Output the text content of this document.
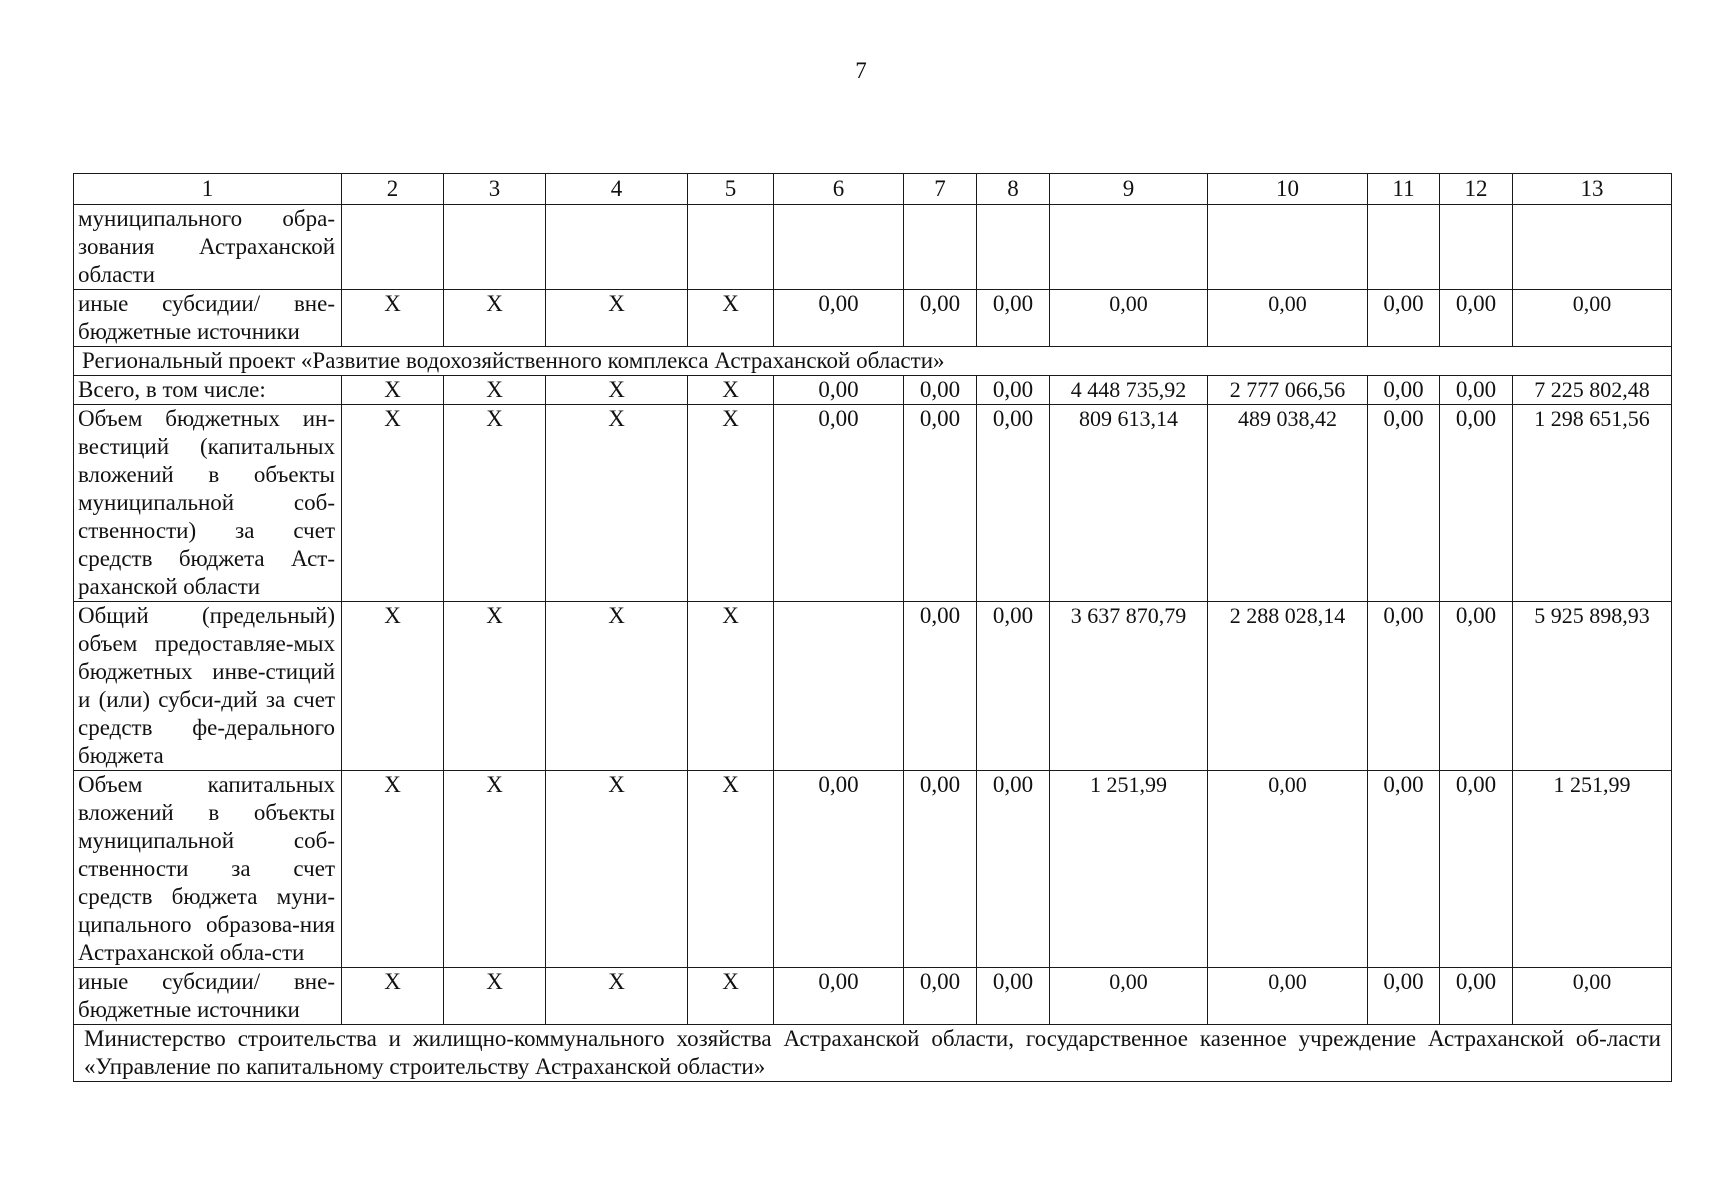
7
1	2	3	4	5	6	7	8	9	10	11	12	13
муниципального обра-зования Астраханской области												
иные субсидии/ вне-бюджетные источники	X	X	X	X	0,00	0,00	0,00	0,00	0,00	0,00	0,00	0,00
Региональный проект «Развитие водохозяйственного комплекса Астраханской области»												
Всего, в том числе:	X	X	X	X	0,00	0,00	0,00	4 448 735,92	2 777 066,56	0,00	0,00	7 225 802,48
Объем бюджетных ин-вестиций (капитальных вложений в объекты муниципальной соб-ственности) за счет средств бюджета Аст-раханской области	X	X	X	X	0,00	0,00	0,00	809 613,14	489 038,42	0,00	0,00	1 298 651,56
Общий (предельный) объем предоставляе-мых бюджетных инве-стиций и (или) субси-дий за счет средств фе-дерального бюджета	X	X	X	X		0,00	0,00	3 637 870,79	2 288 028,14	0,00	0,00	5 925 898,93
Объем капитальных вложений в объекты муниципальной соб-ственности за счет средств бюджета муни-ципального образова-ния Астраханской обла-сти	X	X	X	X	0,00	0,00	0,00	1 251,99	0,00	0,00	0,00	1 251,99
иные субсидии/ вне-бюджетные источники	X	X	X	X	0,00	0,00	0,00	0,00	0,00	0,00	0,00	0,00
Министерство строительства и жилищно-коммунального хозяйства Астраханской области, государственное казенное учреждение Астраханской об-ласти «Управление по капитальному строительству Астраханской области»												
